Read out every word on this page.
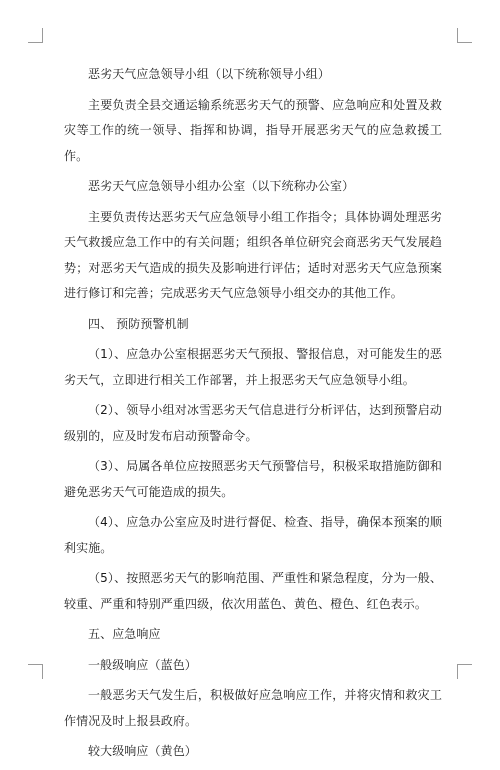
恶劣天气应急领导小组（以下统称领导小组）

主要负责全县交通运输系统恶劣天气的预警、应急响应和处置及救灾等工作的统一领导、指挥和协调，指导开展恶劣天气的应急救援工作。

恶劣天气应急领导小组办公室（以下统称办公室）

主要负责传达恶劣天气应急领导小组工作指令；具体协调处理恶劣天气救援应急工作中的有关问题；组织各单位研究会商恶劣天气发展趋势；对恶劣天气造成的损失及影响进行评估；适时对恶劣天气应急预案进行修订和完善；完成恶劣天气应急领导小组交办的其他工作。

四、 预防预警机制

（1）、应急办公室根据恶劣天气预报、警报信息，对可能发生的恶劣天气，立即进行相关工作部署，并上报恶劣天气应急领导小组。

（2）、领导小组对冰雪恶劣天气信息进行分析评估，达到预警启动级别的，应及时发布启动预警命令。

（3）、局属各单位应按照恶劣天气预警信号，积极采取措施防御和避免恶劣天气可能造成的损失。

（4）、应急办公室应及时进行督促、检查、指导，确保本预案的顺利实施。

（5）、按照恶劣天气的影响范围、严重性和紧急程度，分为一般、较重、严重和特别严重四级，依次用蓝色、黄色、橙色、红色表示。

五、应急响应

一般级响应（蓝色）

一般恶劣天气发生后，积极做好应急响应工作，并将灾情和救灾工作情况及时上报县政府。

较大级响应（黄色）
